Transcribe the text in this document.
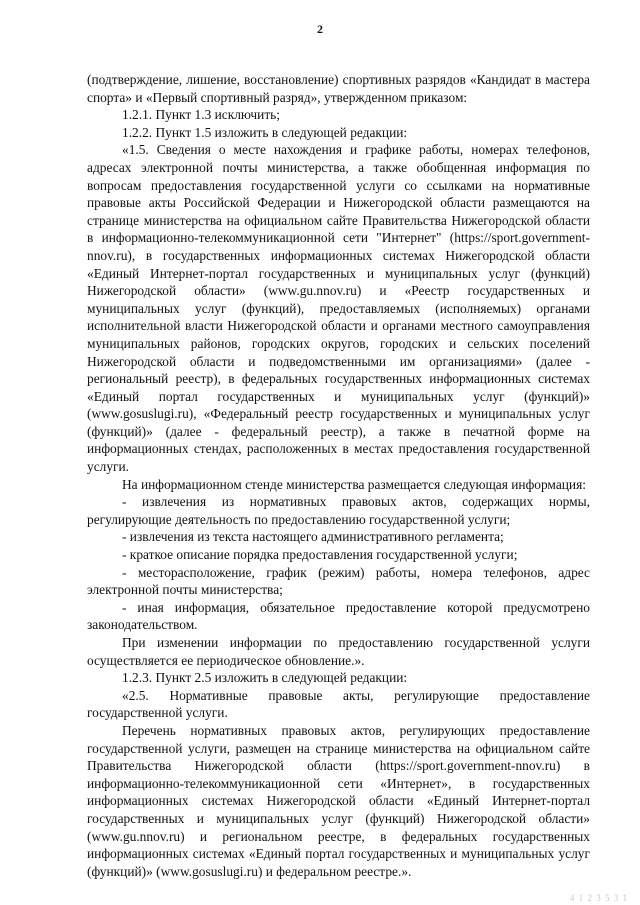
2

(подтверждение, лишение, восстановление) спортивных разрядов «Кандидат в мастера спорта» и «Первый спортивный разряд», утвержденном приказом:

1.2.1. Пункт 1.3 исключить;

1.2.2. Пункт 1.5 изложить в следующей редакции:

«1.5. Сведения о месте нахождения и графике работы, номерах телефонов, адресах электронной почты министерства, а также обобщенная информация по вопросам предоставления государственной услуги со ссылками на нормативные правовые акты Российской Федерации и Нижегородской области размещаются на странице министерства на официальном сайте Правительства Нижегородской области в информационно-телекоммуникационной сети "Интернет" (https://sport.government-nnov.ru), в государственных информационных системах Нижегородской области «Единый Интернет-портал государственных и муниципальных услуг (функций) Нижегородской области» (www.gu.nnov.ru) и «Реестр государственных и муниципальных услуг (функций), предоставляемых (исполняемых) органами исполнительной власти Нижегородской области и органами местного самоуправления муниципальных районов, городских округов, городских и сельских поселений Нижегородской области и подведомственными им организациями» (далее - региональный реестр), в федеральных государственных информационных системах «Единый портал государственных и муниципальных услуг (функций)» (www.gosuslugi.ru), «Федеральный реестр государственных и муниципальных услуг (функций)» (далее - федеральный реестр), а также в печатной форме на информационных стендах, расположенных в местах предоставления государственной услуги.

На информационном стенде министерства размещается следующая информация:

- извлечения из нормативных правовых актов, содержащих нормы, регулирующие деятельность по предоставлению государственной услуги;

- извлечения из текста настоящего административного регламента;

- краткое описание порядка предоставления государственной услуги;

- месторасположение, график (режим) работы, номера телефонов, адрес электронной почты министерства;

- иная информация, обязательное предоставление которой предусмотрено законодательством.

При изменении информации по предоставлению государственной услуги осуществляется ее периодическое обновление.».

1.2.3. Пункт 2.5 изложить в следующей редакции:

«2.5. Нормативные правовые акты, регулирующие предоставление государственной услуги.

Перечень нормативных правовых актов, регулирующих предоставление государственной услуги, размещен на странице министерства на официальном сайте Правительства Нижегородской области (https://sport.government-nnov.ru) в информационно-телекоммуникационной сети «Интернет», в государственных информационных системах Нижегородской области «Единый Интернет-портал государственных и муниципальных услуг (функций) Нижегородской области» (www.gu.nnov.ru) и региональном реестре, в федеральных государственных информационных системах «Единый портал государственных и муниципальных услуг (функций)» (www.gosuslugi.ru) и федеральном реестре.».

4 1 2 3 5 3 1
